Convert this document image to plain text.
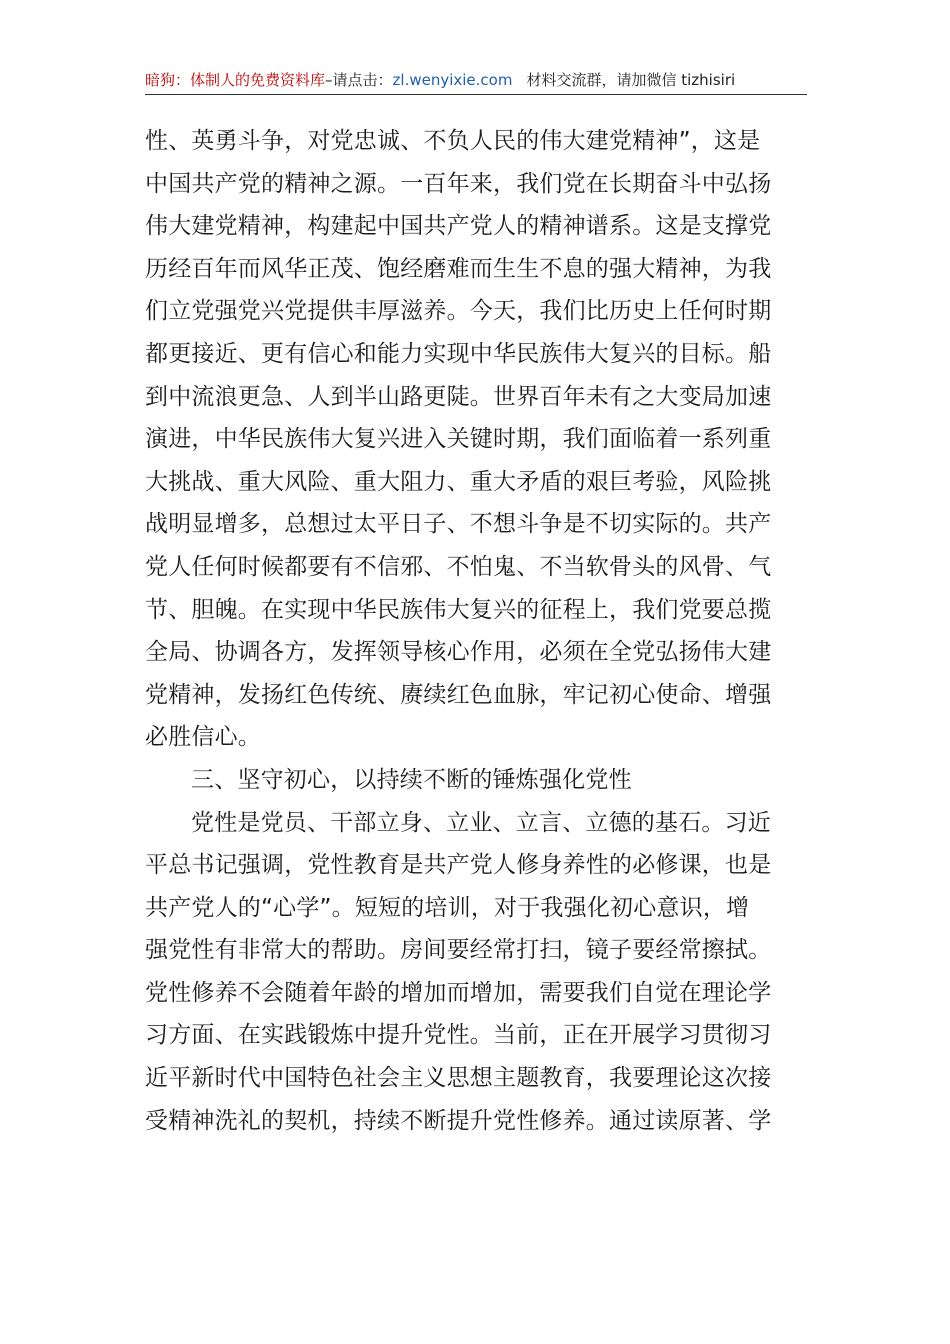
暗狗：体制人的免费资料库–请点击：zl.wenyixie.com 材料交流群，请加微信 tizhisiri
性、英勇斗争，对党忠诚、不负人民的伟大建党精神”，这是
中国共产党的精神之源。一百年来，我们党在长期奋斗中弘扬
伟大建党精神，构建起中国共产党人的精神谱系。这是支撑党
历经百年而风华正茂、饱经磨难而生生不息的强大精神，为我
们立党强党兴党提供丰厚滋养。今天，我们比历史上任何时期
都更接近、更有信心和能力实现中华民族伟大复兴的目标。船
到中流浪更急、人到半山路更陡。世界百年未有之大变局加速
演进，中华民族伟大复兴进入关键时期，我们面临着一系列重
大挑战、重大风险、重大阻力、重大矛盾的艰巨考验，风险挑
战明显增多，总想过太平日子、不想斗争是不切实际的。共产
党人任何时候都要有不信邪、不怕鬼、不当软骨头的风骨、气
节、胆魄。在实现中华民族伟大复兴的征程上，我们党要总揽
全局、协调各方，发挥领导核心作用，必须在全党弘扬伟大建
党精神，发扬红色传统、赓续红色血脉，牢记初心使命、增强
必胜信心。
三、坚守初心，以持续不断的锤炼强化党性
党性是党员、干部立身、立业、立言、立德的基石。习近
平总书记强调，党性教育是共产党人修身养性的必修课，也是
共产党人的“心学”。短短的培训，对于我强化初心意识，增
强党性有非常大的帮助。房间要经常打扫，镜子要经常擦拭。
党性修养不会随着年龄的增加而增加，需要我们自觉在理论学
习方面、在实践锻炼中提升党性。当前，正在开展学习贯彻习
近平新时代中国特色社会主义思想主题教育，我要理论这次接
受精神洗礼的契机，持续不断提升党性修养。通过读原著、学
